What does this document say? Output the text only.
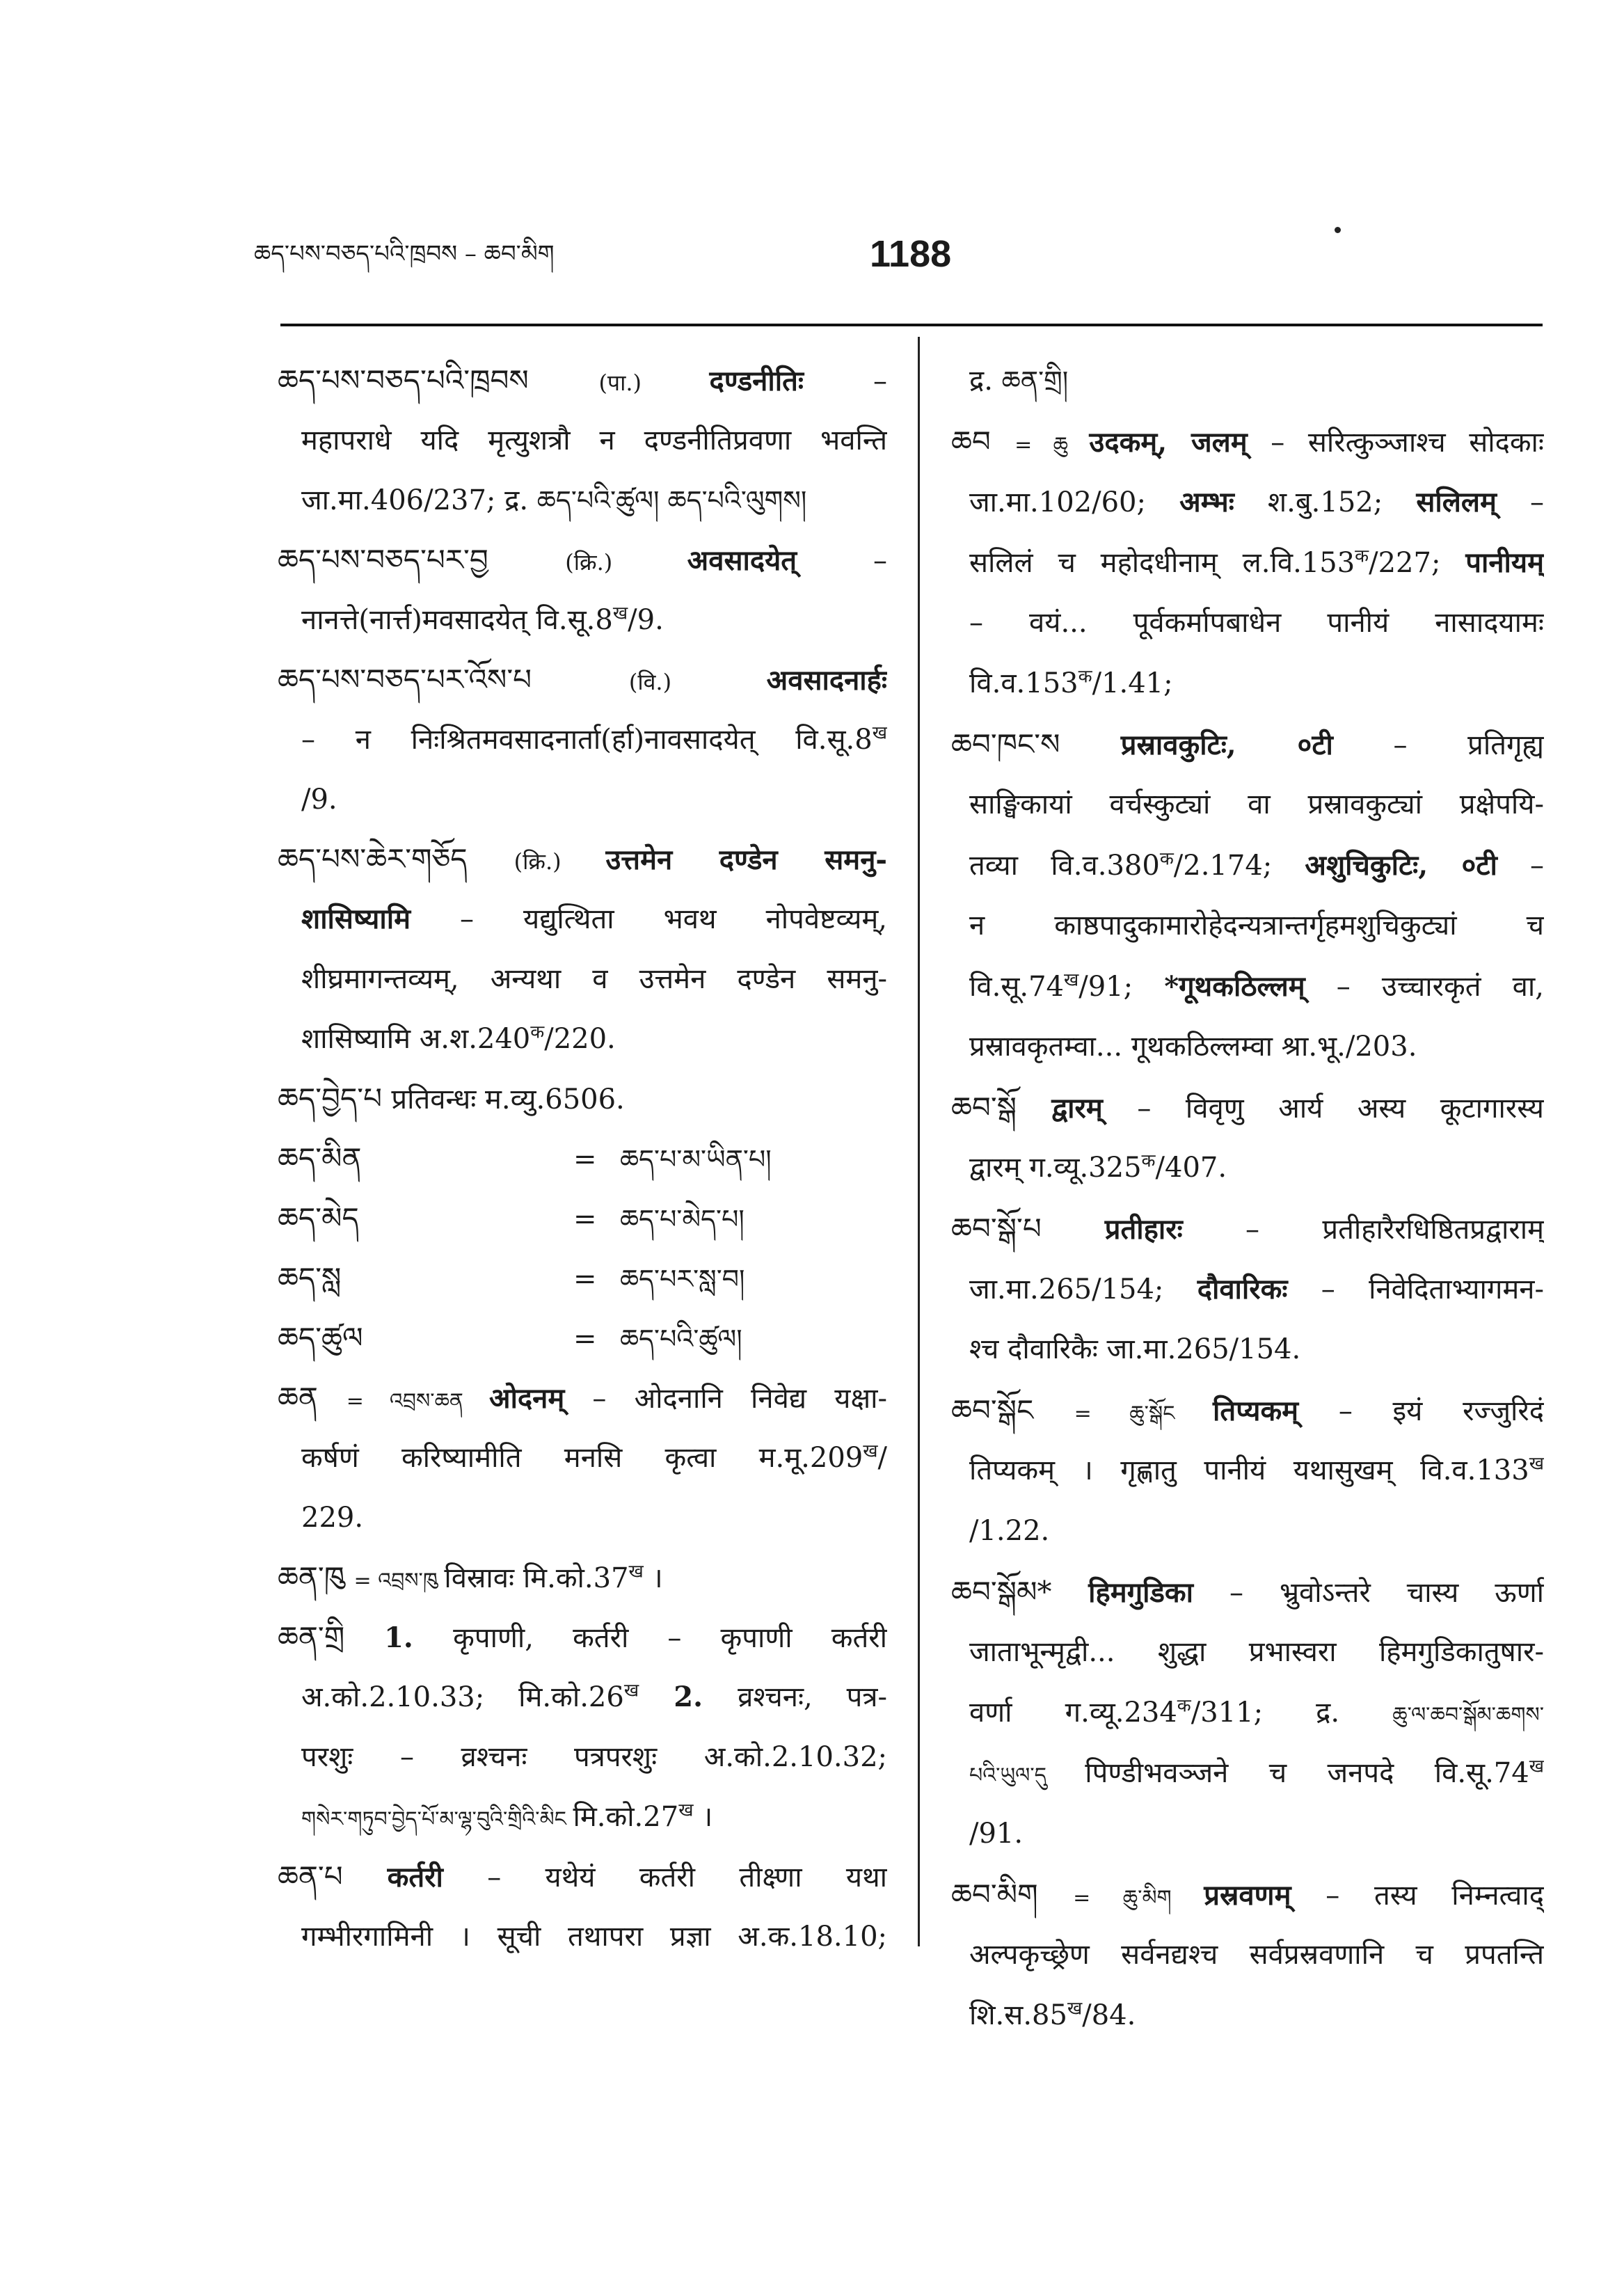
ཆད་པས་བཅད་པའི་ཁྲབས – ཆབ་མིག	1188
ཆད་པས་བཅད་པའི་ཁྲབས (पा.) दण्डनीतिः –
महापराधे यदि मृत्युशत्रौ न दण्डनीतिप्रवणा भवन्ति
जा.मा.406/237; द्र. ཆད་པའི་ཚུལ། ཆད་པའི་ལུགས།
ཆད་པས་བཅད་པར་བྱ (क्रि.) अवसादयेत् –
नानत्ते(नार्त्त)मवसादयेत् $वि.सू.8^ख/9$.
ཆད་པས་བཅད་པར་འོས་པ (वि.) अवसादनार्हः
– न निःश्रितमवसादनार्ता(र्हा)नावसादयेत् $वि.सू.8^ख$
/9.
ཆད་པས་ཆེར་གཅོད (क्रि.) उत्तमेन दण्डेन समनु-
शासिष्यामि – यद्युत्थिता भवथ नोपवेष्टव्यम्,
शीघ्रमागन्तव्यम्, अन्यथा व उत्तमेन दण्डेन समनु-
शासिष्यामि $अ.श.240^क/220$.
ཆད་བྱེད་པ प्रतिवन्धः म.व्यु.6506.
ཆད་མིན	= ཆད་པ་མ་ཡིན་པ།
ཆད་མེད	= ཆད་པ་མེད་པ།
ཆད་སླ	= ཆད་པར་སླ་བ།
ཆད་ཚུལ	= ཆད་པའི་ཚུལ།
ཆན = འབྲས་ཆན ओदनम् – ओदनानि निवेद्य यक्षा-
कर्षणं करिष्यामीति मनसि कृत्वा $म.मू.209^ख/$
229.
ཆན་ཁུ = འབྲས་ཁུ विस्रावः $मि.को.37^ख$ ।
ཆན་གྲི 1. कृपाणी, कर्तरी – कृपाणी कर्तरी
अ.को.2.10.33; $मि.को.26^ख$ 2. व्रश्चनः, पत्र-
परशुः – व्रश्चनः पत्रपरशुः अ.को.2.10.32;
གསེར་གཏུབ་བྱེད་པོ་མ་ལྷ་བུའི་གྲིའི་མིང $मि.को.27^ख$ ।
ཆན་པ कर्तरी – यथेयं कर्तरी तीक्ष्णा यथा
गम्भीरगामिनी । सूची तथापरा प्रज्ञा अ.क.18.10;
द्र. ཆན་གྲི།
ཆབ = ཆུ उदकम्, जलम् – सरित्कुञ्जाश्च सोदकाः
जा.मा.102/60; अम्भः श.बु.152; सलिलम् –
सलिलं च महोदधीनाम् $ल.वि.153^क/227$; पानीयम्
– वयं... पूर्वकर्मापबाधेन पानीयं नासादयामः
$वि.व.153^क/1.41$;
ཆབ་ཁང་ས प्रस्रावकुटिः, ०टी – प्रतिगृह्य
साङ्घिकायां वर्चस्कुट्यां वा प्रस्रावकुट्यां प्रक्षेपयि-
तव्या $वि.व.380^क/2.174$; अशुचिकुटिः, ०टी –
न काष्ठपादुकामारोहेदन्यत्रान्तर्गृहमशुचिकुट्यां च
$वि.सू.74^ख/91$; *गूथकठिल्लम् – उच्चारकृतं वा,
प्रस्रावकृतम्वा... गूथकठिल्लम्वा श्रा.भू./203.
ཆབ་སྒོ द्वारम् – विवृणु आर्य अस्य कूटागारस्य
द्वारम् $ग.व्यू.325^क/407$.
ཆབ་སྒོ་པ प्रतीहारः – प्रतीहारैरधिष्ठितप्रद्वाराम्
जा.मा.265/154; दौवारिकः – निवेदिताभ्यागमन-
श्च दौवारिकैः जा.मा.265/154.
ཆབ་སྒོང = ཆུ་སྒོང तिप्यकम् – इयं रज्जुरिदं
तिप्यकम् । गृह्णातु पानीयं यथासुखम् $वि.व.133^ख$
/1.22.
ཆབ་སྒོམ* हिमगुडिका – भ्रुवोऽन्तरे चास्य ऊर्णा
जाताभून्मृद्वी... शुद्धा प्रभास्वरा हिमगुडिकातुषार-
वर्णा $ग.व्यू.234^क/311$; द्र. ཆུ་ལ་ཆབ་སྒོམ་ཆགས་
པའི་ཡུལ་དུ पिण्डीभवञ्जने च जनपदे $वि.सू.74^ख$
/91.
ཆབ་མིག = ཆུ་མིག प्रस्रवणम् – तस्य निम्नत्वाद्
अल्पकृच्छ्रेण सर्वनद्यश्च सर्वप्रस्रवणानि च प्रपतन्ति
$शि.स.85^ख/84$.
